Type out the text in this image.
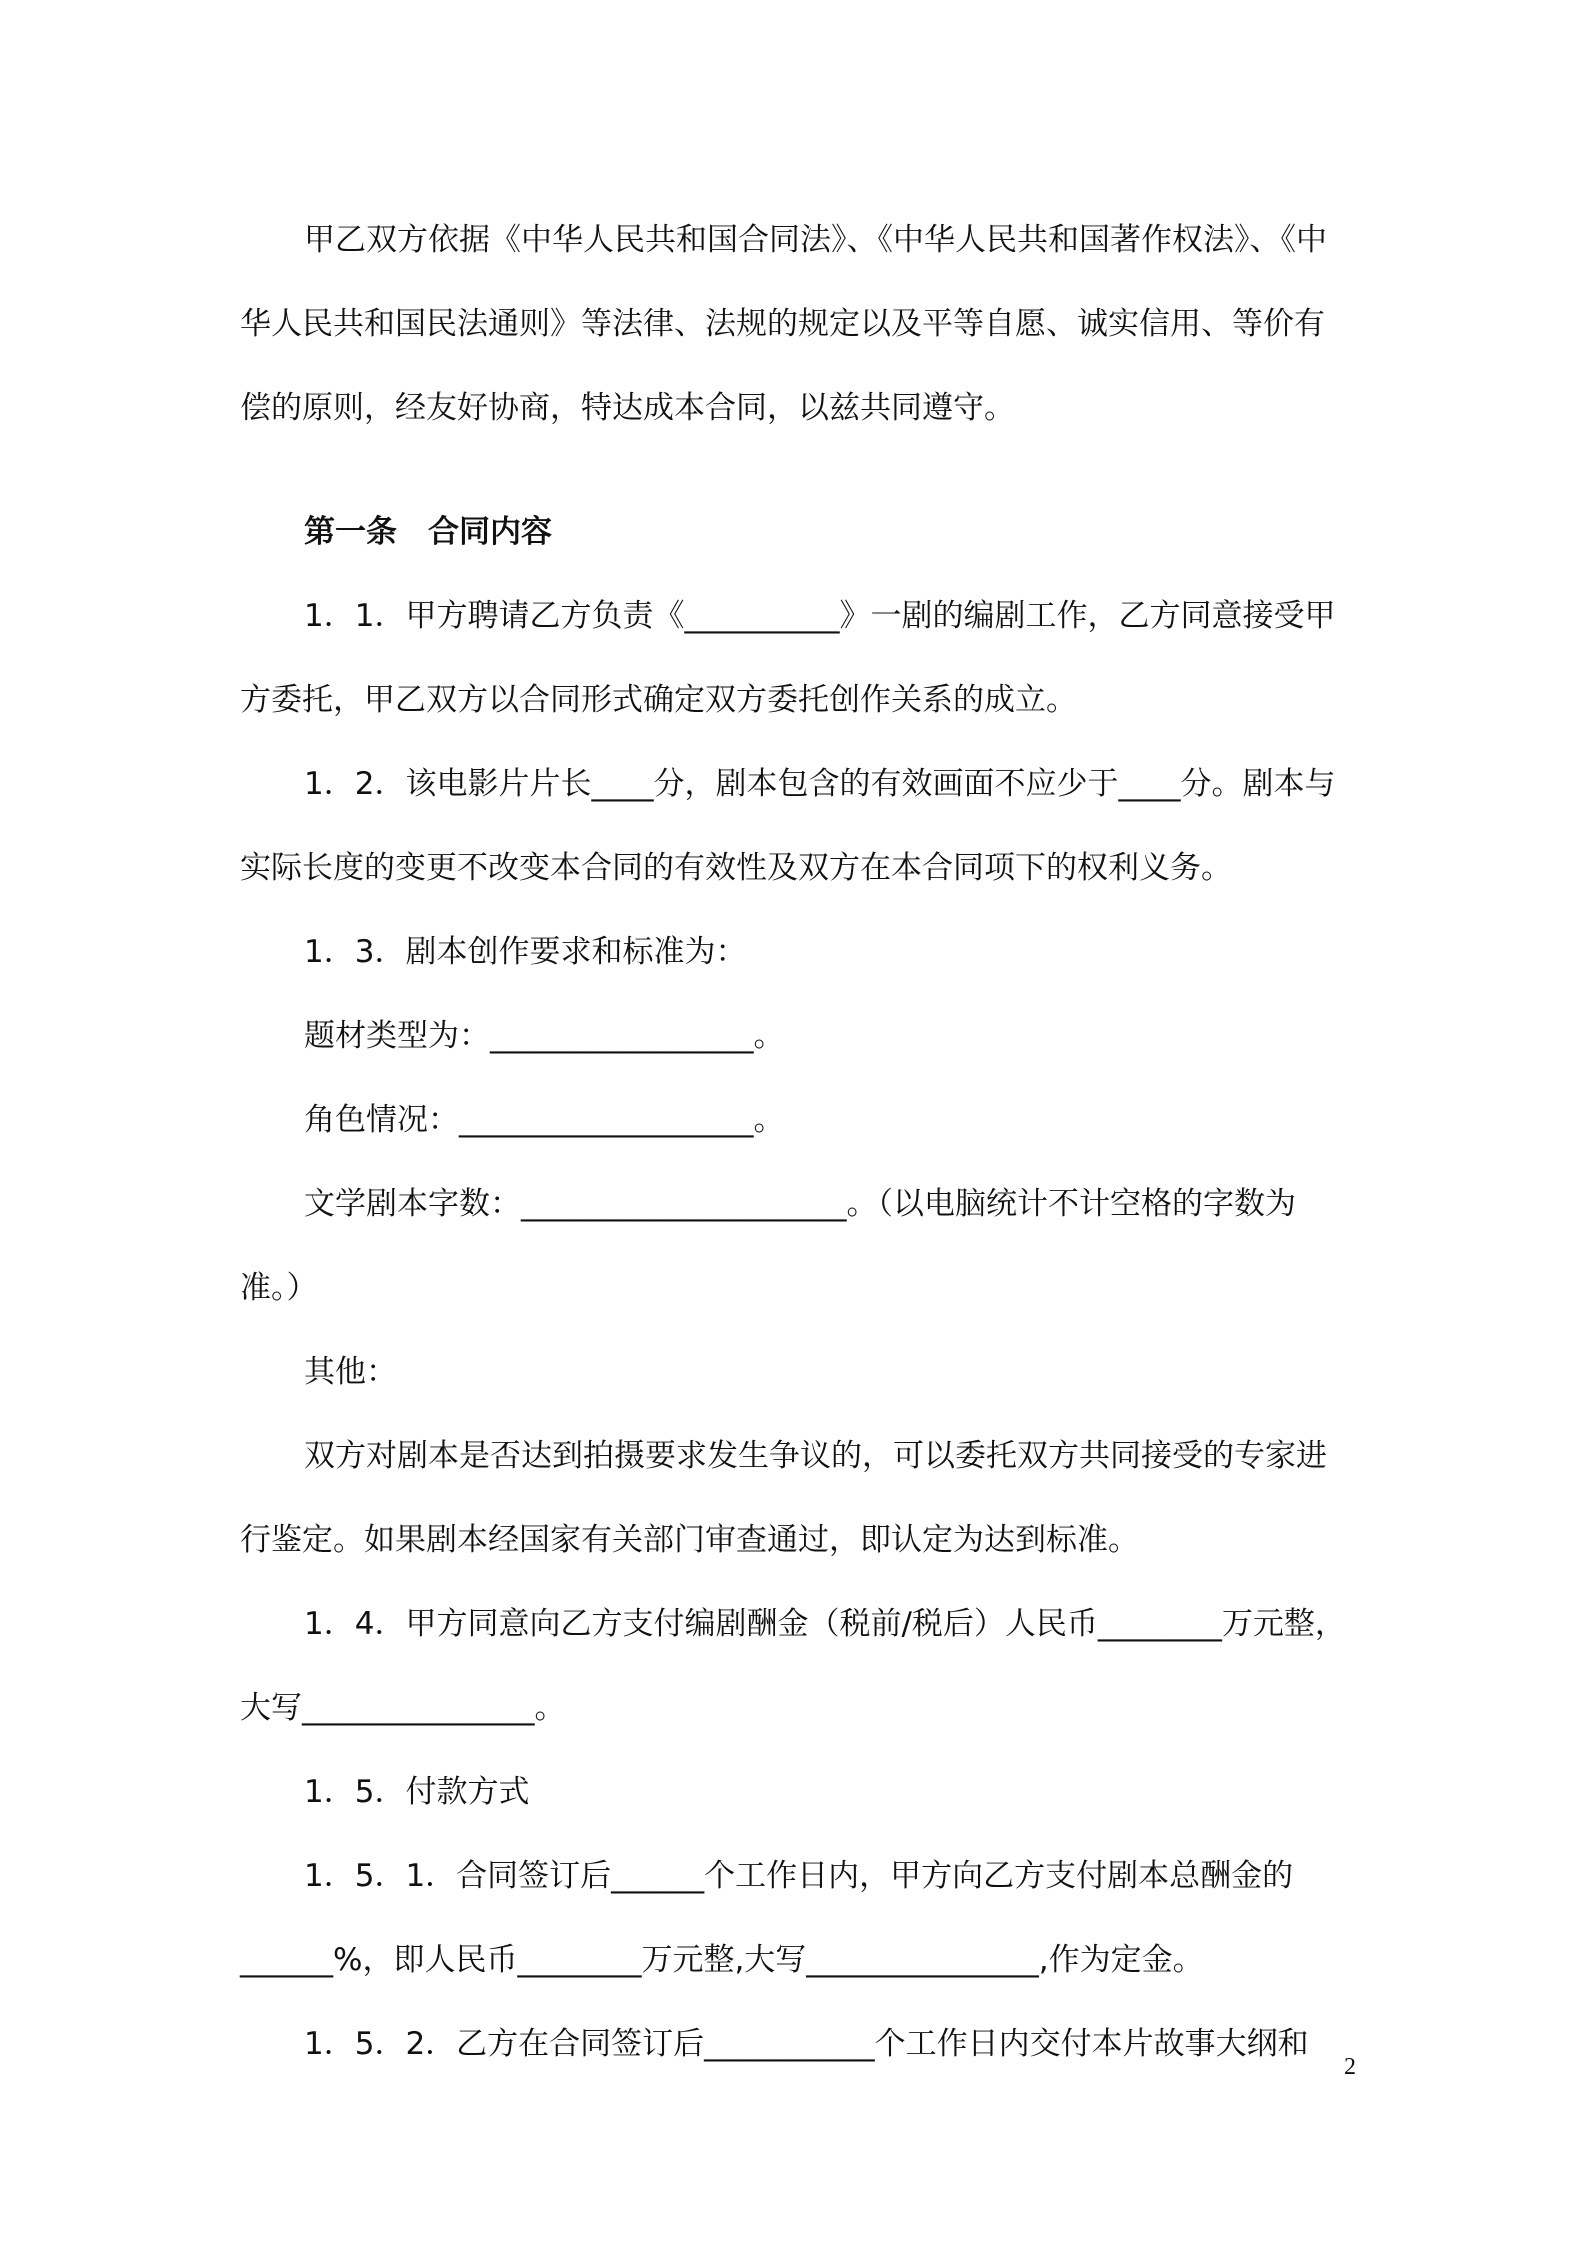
甲乙双方依据《中华人民共和国合同法》、《中华人民共和国著作权法》、《中华人民共和国民法通则》等法律、法规的规定以及平等自愿、诚实信用、等价有偿的原则，经友好协商，特达成本合同，以兹共同遵守。

第一条　合同内容

1．1．甲方聘请乙方负责《__________》一剧的编剧工作，乙方同意接受甲方委托，甲乙双方以合同形式确定双方委托创作关系的成立。

1．2．该电影片片长____分，剧本包含的有效画面不应少于____分。剧本与实际长度的变更不改变本合同的有效性及双方在本合同项下的权利义务。

1．3．剧本创作要求和标准为：

题材类型为：_________________。

角色情况：___________________。

文学剧本字数：_____________________。（以电脑统计不计空格的字数为准。）

其他：

双方对剧本是否达到拍摄要求发生争议的，可以委托双方共同接受的专家进行鉴定。如果剧本经国家有关部门审查通过，即认定为达到标准。

1．4．甲方同意向乙方支付编剧酬金（税前/税后）人民币________万元整，大写_______________。

1．5．付款方式

1．5．1．合同签订后______个工作日内，甲方向乙方支付剧本总酬金的______%，即人民币________万元整,大写_______________,作为定金。

1．5．2．乙方在合同签订后___________个工作日内交付本片故事大纲和

2
